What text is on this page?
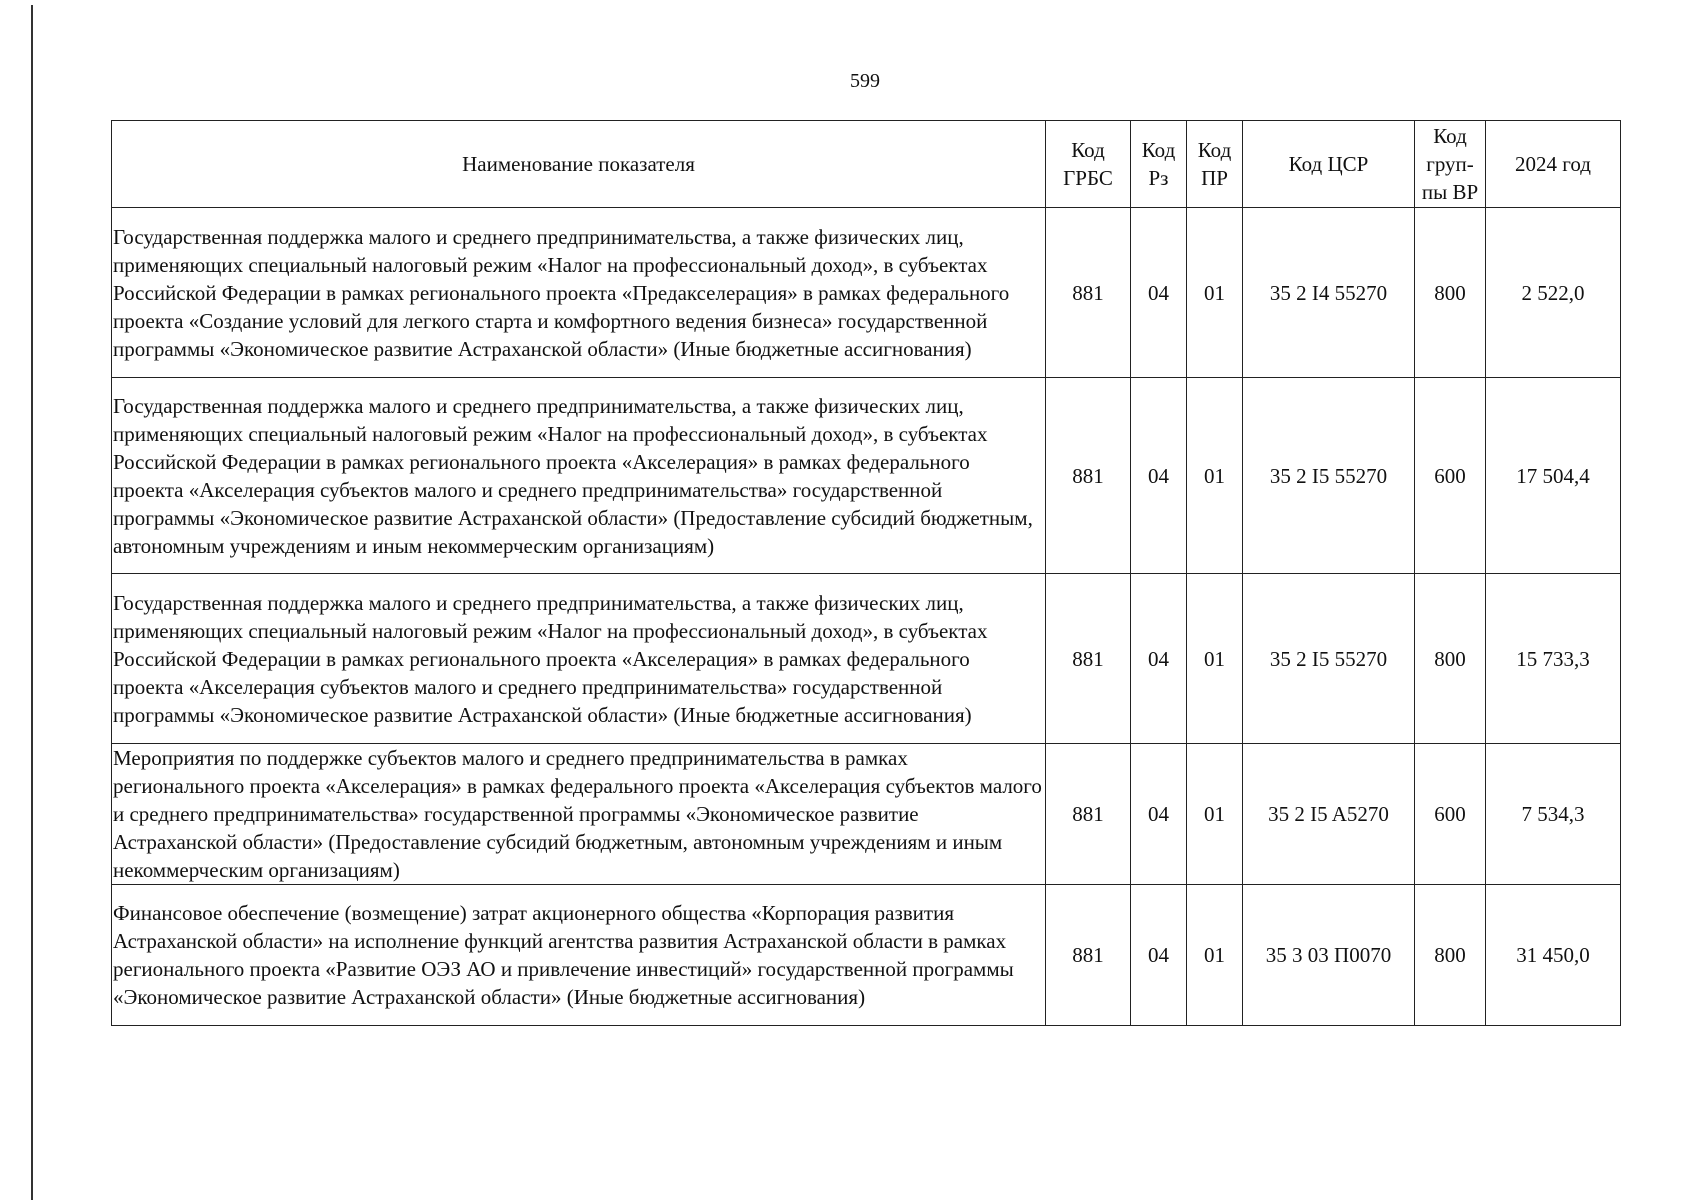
599
Наименование показателя	Код ГРБС	Код Рз	Код ПР	Код ЦСР	Код груп-пы ВР	2024 год
Государственная поддержка малого и среднего предпринимательства, а также физических лиц, применяющих специальный налоговый режим «Налог на профессиональный доход», в субъектах Российской Федерации в рамках регионального проекта «Предакселерация» в рамках федерального проекта «Создание условий для легкого старта и комфортного ведения бизнеса» государственной программы «Экономическое развитие Астраханской области» (Иные бюджетные ассигнования)	881	04	01	35 2 I4 55270	800	2 522,0
Государственная поддержка малого и среднего предпринимательства, а также физических лиц, применяющих специальный налоговый режим «Налог на профессиональный доход», в субъектах Российской Федерации в рамках регионального проекта «Акселерация» в рамках федерального проекта «Акселерация субъектов малого и среднего предпринимательства» государственной программы «Экономическое развитие Астраханской области» (Предоставление субсидий бюджетным, автономным учреждениям и иным некоммерческим организациям)	881	04	01	35 2 I5 55270	600	17 504,4
Государственная поддержка малого и среднего предпринимательства, а также физических лиц, применяющих специальный налоговый режим «Налог на профессиональный доход», в субъектах Российской Федерации в рамках регионального проекта «Акселерация» в рамках федерального проекта «Акселерация субъектов малого и среднего предпринимательства» государственной программы «Экономическое развитие Астраханской области» (Иные бюджетные ассигнования)	881	04	01	35 2 I5 55270	800	15 733,3
Мероприятия по поддержке субъектов малого и среднего предпринимательства в рамках регионального проекта «Акселерация» в рамках федерального проекта «Акселерация субъектов малого и среднего предпринимательства» государственной программы «Экономическое развитие Астраханской области» (Предоставление субсидий бюджетным, автономным учреждениям и иным некоммерческим организациям)	881	04	01	35 2 I5 A5270	600	7 534,3
Финансовое обеспечение (возмещение) затрат акционерного общества «Корпорация развития Астраханской области» на исполнение функций агентства развития Астраханской области в рамках регионального проекта «Развитие ОЭЗ АО и привлечение инвестиций» государственной программы «Экономическое развитие Астраханской области» (Иные бюджетные ассигнования)	881	04	01	35 3 03 П0070	800	31 450,0
